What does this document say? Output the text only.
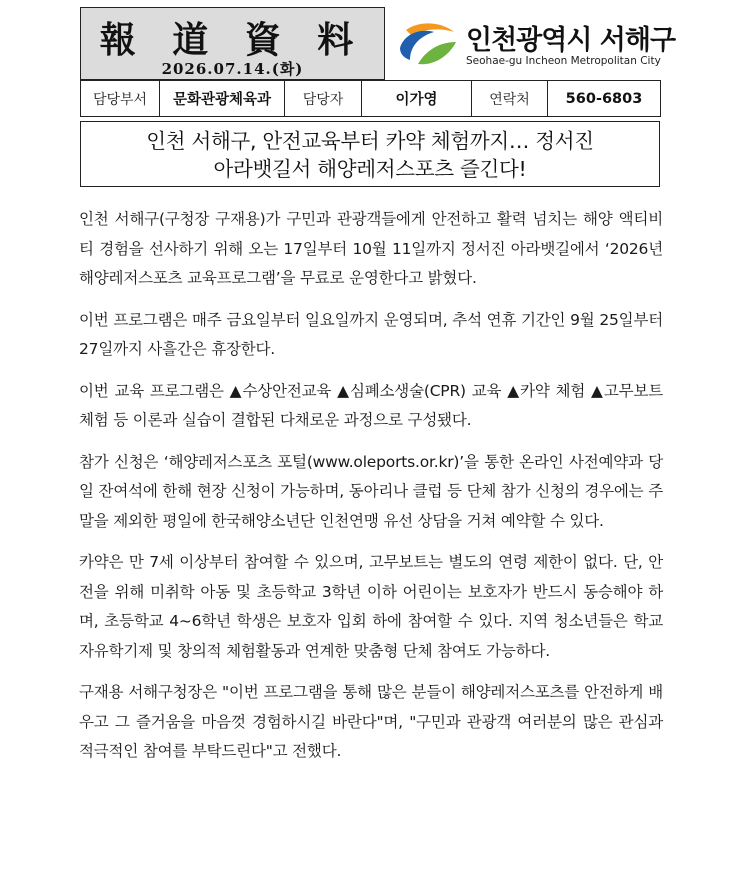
報 道 資 料
2026.07.14.(화)
인천광역시 서해구
Seohae-gu Incheon Metropolitan City
담당부서	문화관광체육과	담당자	이가영	연락처	560-6803
인천 서해구, 안전교육부터 카약 체험까지… 정서진
아라뱃길서 해양레저스포츠 즐긴다!

인천 서해구(구청장 구재용)가 구민과 관광객들에게 안전하고 활력 넘치는 해양 액티비티 경험을 선사하기 위해 오는 17일부터 10월 11일까지 정서진 아라뱃길에서 ‘2026년 해양레저스포츠 교육프로그램’을 무료로 운영한다고 밝혔다.

이번 프로그램은 매주 금요일부터 일요일까지 운영되며, 추석 연휴 기간인 9월 25일부터 27일까지 사흘간은 휴장한다.

이번 교육 프로그램은 ▲수상안전교육 ▲심폐소생술(CPR) 교육 ▲카약 체험 ▲고무보트 체험 등 이론과 실습이 결합된 다채로운 과정으로 구성됐다.

참가 신청은 ‘해양레저스포츠 포털(www.oleports.or.kr)’을 통한 온라인 사전예약과 당일 잔여석에 한해 현장 신청이 가능하며, 동아리나 클럽 등 단체 참가 신청의 경우에는 주말을 제외한 평일에 한국해양소년단 인천연맹 유선 상담을 거쳐 예약할 수 있다.

카약은 만 7세 이상부터 참여할 수 있으며, 고무보트는 별도의 연령 제한이 없다. 단, 안전을 위해 미취학 아동 및 초등학교 3학년 이하 어린이는 보호자가 반드시 동승해야 하며, 초등학교 4~6학년 학생은 보호자 입회 하에 참여할 수 있다. 지역 청소년들은 학교 자유학기제 및 창의적 체험활동과 연계한 맞춤형 단체 참여도 가능하다.

구재용 서해구청장은 "이번 프로그램을 통해 많은 분들이 해양레저스포츠를 안전하게 배우고 그 즐거움을 마음껏 경험하시길 바란다"며, "구민과 관광객 여러분의 많은 관심과 적극적인 참여를 부탁드린다"고 전했다.
